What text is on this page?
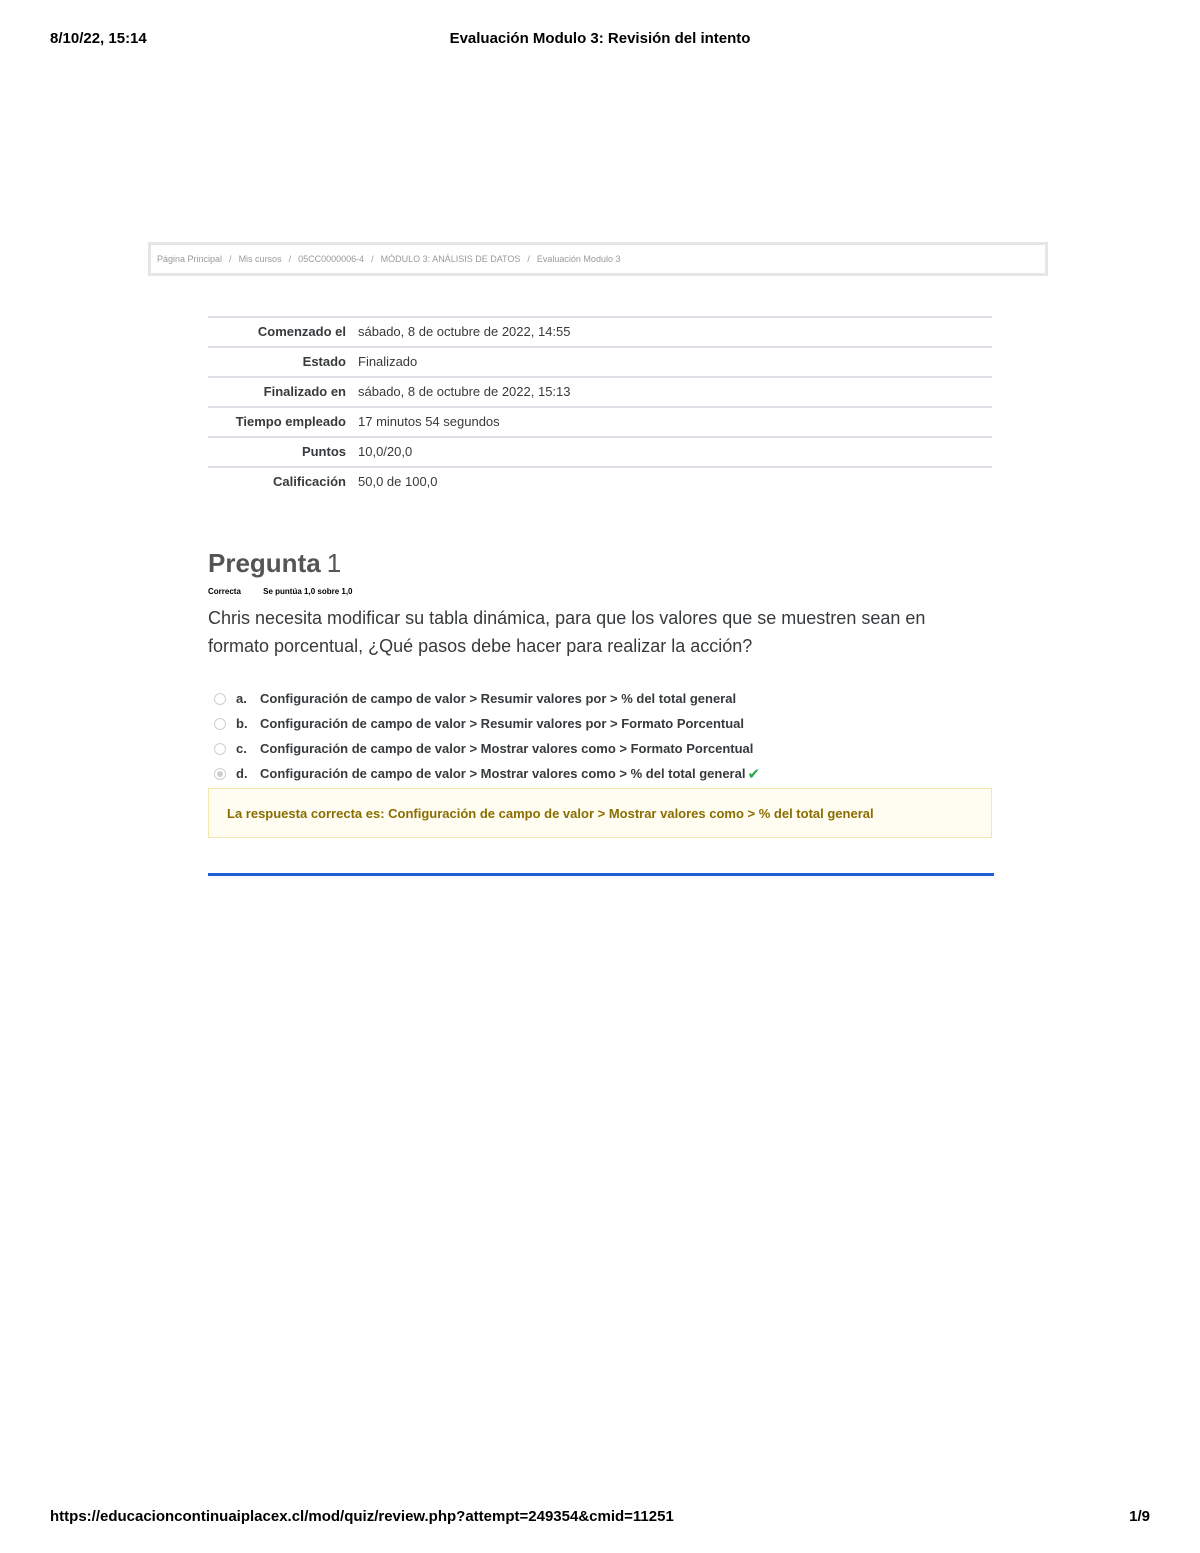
8/10/22, 15:14	Evaluación Modulo 3: Revisión del intento
Página Principal / Mis cursos / 05CC0000006-4 / MÓDULO 3: ANÁLISIS DE DATOS / Evaluación Modulo 3
Comenzado el	sábado, 8 de octubre de 2022, 14:55
Estado	Finalizado
Finalizado en	sábado, 8 de octubre de 2022, 15:13
Tiempo empleado	17 minutos 54 segundos
Puntos	10,0/20,0
Calificación	50,0 de 100,0
Pregunta 1
Correcta	Se puntúa 1,0 sobre 1,0
Chris necesita modificar su tabla dinámica, para que los valores que se muestren sean en formato porcentual, ¿Qué pasos debe hacer para realizar la acción?
a.	Configuración de campo de valor > Resumir valores por > % del total general
b. Configuración de campo de valor > Resumir valores por > Formato Porcentual
c.	Configuración de campo de valor > Mostrar valores como > Formato Porcentual
d. Configuración de campo de valor > Mostrar valores como > % del total general ✔
La respuesta correcta es: Configuración de campo de valor > Mostrar valores como > % del total general
https://educacioncontinuaiplacex.cl/mod/quiz/review.php?attempt=249354&cmid=11251	1/9
